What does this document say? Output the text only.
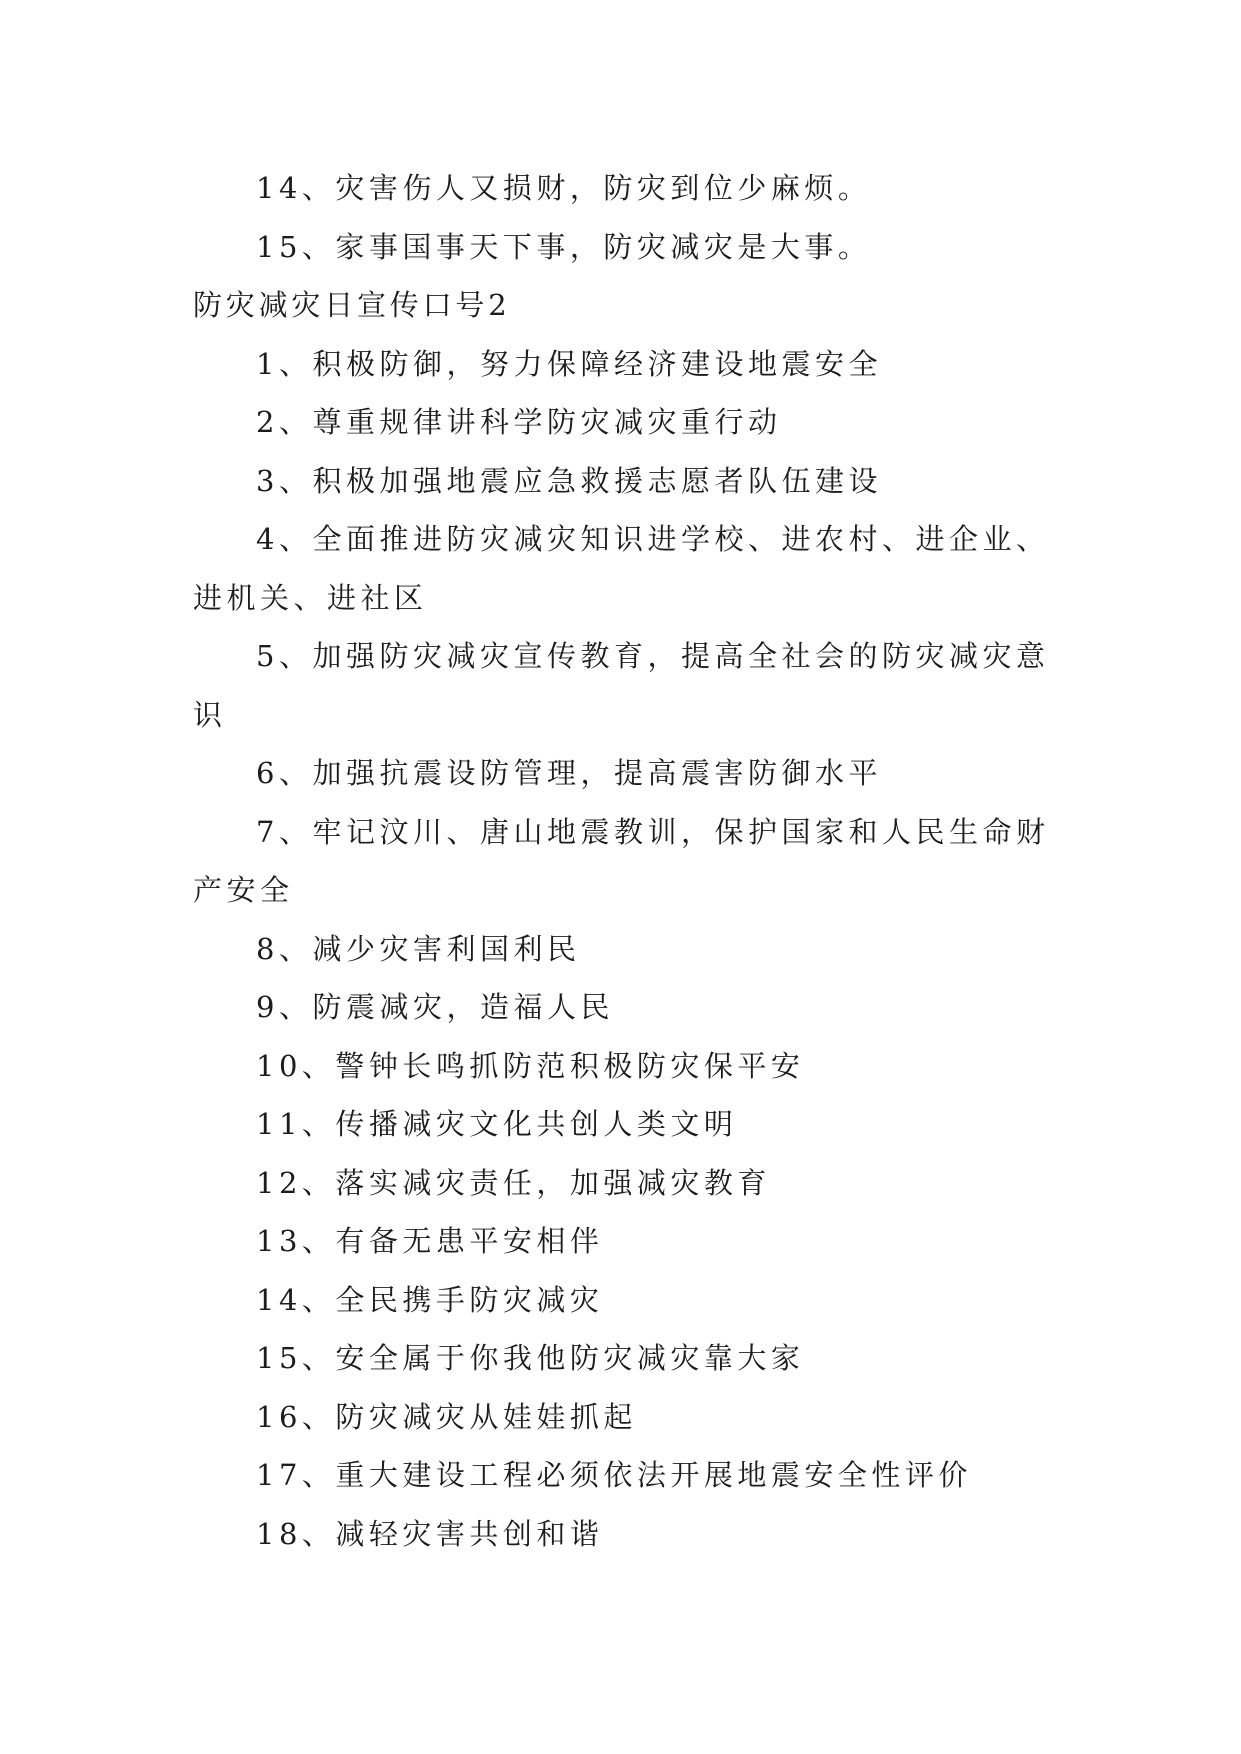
14、灾害伤人又损财，防灾到位少麻烦。
15、家事国事天下事，防灾减灾是大事。
防灾减灾日宣传口号2
1、积极防御，努力保障经济建设地震安全
2、尊重规律讲科学防灾减灾重行动
3、积极加强地震应急救援志愿者队伍建设
4、全面推进防灾减灾知识进学校、进农村、进企业、
进机关、进社区
5、加强防灾减灾宣传教育，提高全社会的防灾减灾意
识
6、加强抗震设防管理，提高震害防御水平
7、牢记汶川、唐山地震教训，保护国家和人民生命财
产安全
8、减少灾害利国利民
9、防震减灾，造福人民
10、警钟长鸣抓防范积极防灾保平安
11、传播减灾文化共创人类文明
12、落实减灾责任，加强减灾教育
13、有备无患平安相伴
14、全民携手防灾减灾
15、安全属于你我他防灾减灾靠大家
16、防灾减灾从娃娃抓起
17、重大建设工程必须依法开展地震安全性评价
18、减轻灾害共创和谐
